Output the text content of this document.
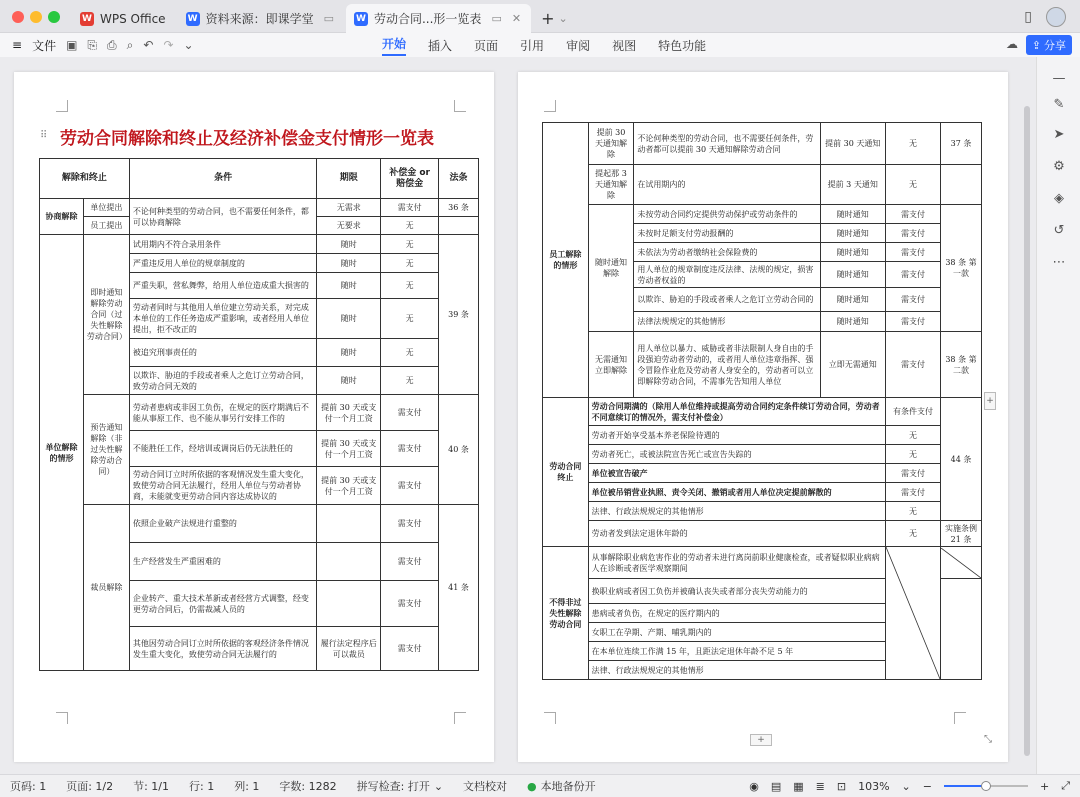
W WPS Office W 资料来源：即课学堂 ▭ W 劳动合同...形一览表 ▭ ✕ + ⌄	▯
≡ 文件 ▣ ⎘ ⎙ ⌕ ↶ ↷ ⌄	开始 插入 页面 引用 审阅 视图 特色功能	☁ ⇪ 分享
⠿ 劳动合同解除和终止及经济补偿金支付情形一览表
解除和终止		条件	期限	补偿金 or 赔偿金	法条
协商解除	单位提出	不论何种类型的劳动合同，也不需要任何条件，都可以协商解除	无需求	需支付	36 条
	员工提出		无要求	无	
单位解除的情形	即时通知解除劳动合同（过失性解除劳动合同）	试用期内不符合录用条件	随时	无	39 条
		严重违反用人单位的规章制度的	随时	无	
		严重失职，营私舞弊，给用人单位造成重大损害的	随时	无	
		劳动者同时与其他用人单位建立劳动关系，对完成本单位的工作任务造成严重影响，或者经用人单位提出，拒不改正的	随时	无	
		被追究刑事责任的	随时	无	
		以欺诈、胁迫的手段或者乘人之危订立劳动合同，致劳动合同无效的	随时	无	
	预告通知解除（非过失性解除劳动合同）	劳动者患病或非因工负伤，在规定的医疗期满后不能从事原工作、也不能从事另行安排工作的	提前 30 天或支付一个月工资	需支付	40 条
		不能胜任工作，经培训或调岗后仍无法胜任的	提前 30 天或支付一个月工资	需支付	
		劳动合同订立时所依据的客观情况发生重大变化，致使劳动合同无法履行，经用人单位与劳动者协商，未能就变更劳动合同内容达成协议的	提前 30 天或支付一个月工资	需支付	
	裁员解除	依照企业破产法规进行重整的		需支付	41 条
		生产经营发生严重困难的		需支付	
		企业转产、重大技术革新或者经营方式调整，经变更劳动合同后，仍需裁减人员的		需支付	
		其他因劳动合同订立时所依据的客观经济条件情况发生重大变化，致使劳动合同无法履行的	履行法定程序后可以裁员	需支付	
员工解除的情形	提前 30 天通知解除	不论何种类型的劳动合同，也不需要任何条件，劳动者都可以提前 30 天通知解除劳动合同	提前 30 天通知	无	37 条
	提起那 3 天通知解除	在试用期内的	提前 3 天通知	无	
	随时通知解除	未按劳动合同约定提供劳动保护或劳动条件的	随时通知	需支付	38 条 第一款
		未按时足额支付劳动报酬的	随时通知	需支付	
		未依法为劳动者缴纳社会保险费的	随时通知	需支付	
		用人单位的规章制度违反法律、法规的规定，损害劳动者权益的	随时通知	需支付	
		以欺诈、胁迫的手段或者乘人之危订立劳动合同的	随时通知	需支付	
		法律法规规定的其他情形	随时通知	需支付	
	无需通知立即解除	用人单位以暴力、威胁或者非法限制人身自由的手段强迫劳动者劳动的，或者用人单位违章指挥、强令冒险作业危及劳动者人身安全的，劳动者可以立即解除劳动合同，不需事先告知用人单位	立即无需通知	需支付	38 条 第二款
劳动合同终止	劳动合同期满的（除用人单位维持或提高劳动合同约定条件续订劳动合同，劳动者不同意续订的情况外，需支付补偿金）			有条件支付	44 条
	劳动者开始享受基本养老保险待遇的			无	
	劳动者死亡，或被法院宣告死亡或宣告失踪的			无	
	单位被宣告破产			需支付	
	单位被吊销营业执照、责令关闭、撤销或者用人单位决定提前解散的			需支付	
	法律、行政法规规定的其他情形			无	
	劳动者发到法定退休年龄的			无	实施条例 21 条
不得非过失性解除劳动合同	从事解除职业病危害作业的劳动者未进行离岗前职业健康检查，或者疑似职业病病人在诊断或者医学观察期间	

	换职业病或者因工负伤并被确认丧失或者部分丧失劳动能力的				
	患病或者负伤，在规定的医疗期内的				
	女职工在孕期、产期、哺乳期内的				
	在本单位连续工作满 15 年，且距法定退休年龄不足 5 年				
	法律、行政法规规定的其他情形				
+
+
⤡
—
✎
➤
⚙
◈
↺
⋯
页码: 1	页面: 1/2	节: 1/1	行: 1	列: 1	字数: 1282	拼写检查: 打开 ⌄	文档校对	● 本地备份开	◉ ▤ ▦ ≣ ⊡ 103% ⌄ −	+ ⤢
